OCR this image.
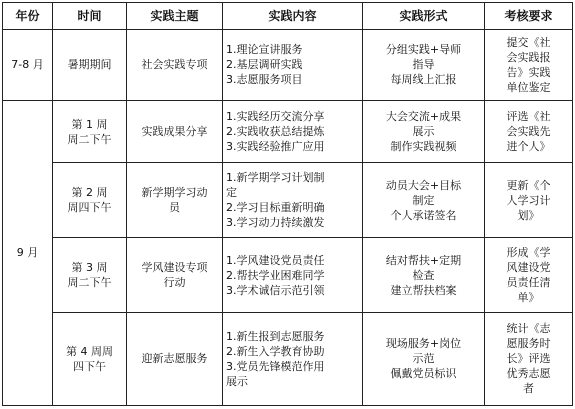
年份	时间	实践主题	实践内容	实践形式	考核要求
7-8 月	暑期期间	社会实践专项	1.理论宣讲服务
2.基层调研实践
3.志愿服务项目	分组实践+导师
指导
每周线上汇报	提交《社
会实践报
告》实践
单位鉴定

9 月	第 1 周
周二下午	实践成果分享	1.实践经历交流分享
2.实践收获总结提炼
3.实践经验推广应用	大会交流+成果
展示
制作实践视频	评选《社
会实践先
进个人》

	第 2 周
周四下午	新学期学习动
员	1.新学期学习计划制
定
2.学习目标重新明确
3.学习动力持续激发	动员大会+目标
制定
个人承诺签名	更新《个
人学习计
划》

	第 3 周
周二下午	学风建设专项
行动	1.学风建设党员责任
2.帮扶学业困难同学
3.学术诚信示范引领	结对帮扶+定期
检查
建立帮扶档案	形成《学
风建设党
员责任清
单》

	第 4 周周
四下午	迎新志愿服务	1.新生报到志愿服务
2.新生入学教育协助
3.党员先锋模范作用
展示	现场服务+岗位
示范
佩戴党员标识	统计《志
愿服务时
长》评选
优秀志愿
者
